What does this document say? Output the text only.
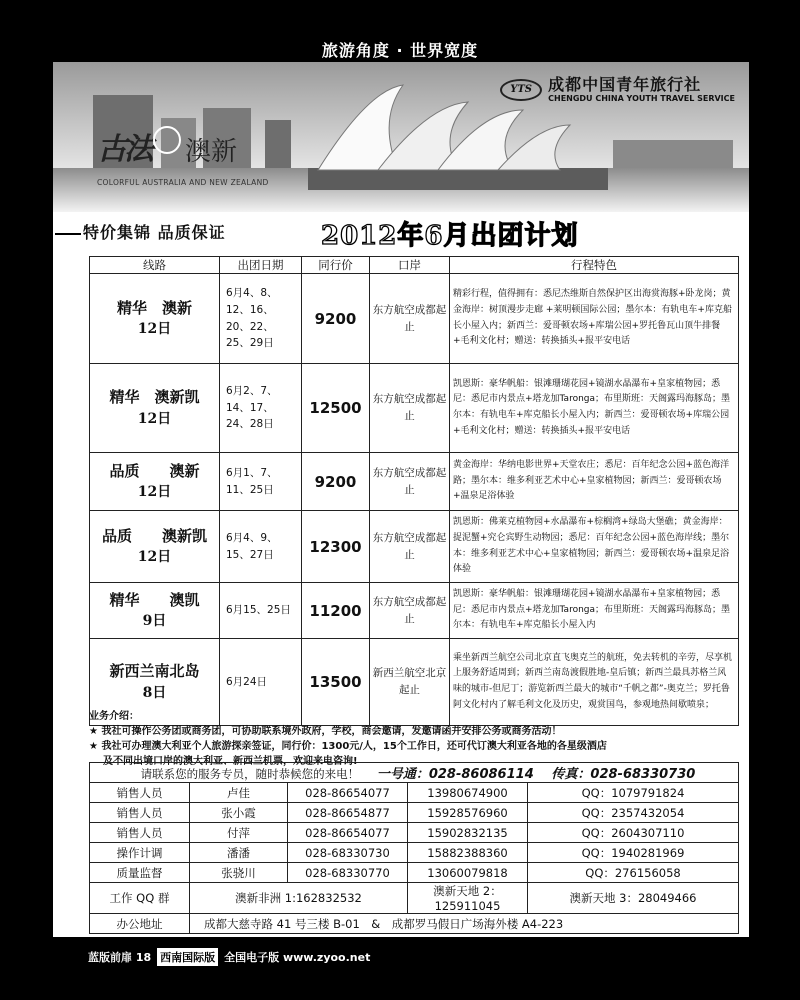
旅游角度 · 世界宽度
YTS	成都中国青年旅行社
CHENGDU CHINA YOUTH TRAVEL SERVICE
古法 澳新
COLORFUL AUSTRALIA AND NEW ZEALAND
特价集锦 品质保证	2012年6月出团计划
线路	出团日期	同行价	口岸	行程特色
精华　澳新
12日	6月4、8、12、16、20、22、25、29日	9200	东方航空成都起止	精彩行程，值得拥有：悉尼杰维斯自然保护区出海赏海豚+卧龙岗；黄金海岸：树顶漫步走廊 +莱明顿国际公园；墨尔本：有轨电车+库克船长小屋入内；新西兰：爱哥顿农场+库瑞公园+罗托鲁瓦山顶牛排餐+毛利文化村；赠送：转换插头+报平安电话
精华　澳新凯
12日	6月2、7、14、17、24、28日	12500	东方航空成都起止	凯恩斯：豪华帆船：银滩珊瑚花园+镜湖水晶瀑布+皇家植物园；悉尼：悉尼市内景点+塔龙加Taronga；布里斯班：天阁露玛海豚岛；墨尔本：有轨电车+库克船长小屋入内；新西兰：爱哥顿农场+库瑞公园+毛利文化村；赠送：转换插头+报平安电话
品质　　澳新
12日	6月1、7、11、25日	9200	东方航空成都起止	黄金海岸：华纳电影世界+天堂农庄；悉尼：百年纪念公园+蓝色海洋路；墨尔本：维多利亚艺术中心+皇家植物园；新西兰：爱哥顿农场+温泉足浴体验
品质　　澳新凯
12日	6月4、9、15、27日	12300	东方航空成都起止	凯恩斯：佛莱克植物园+水晶瀑布+棕榈湾+绿岛大堡礁；黄金海岸：捉泥蟹+究仑宾野生动物园；悉尼：百年纪念公园+蓝色海岸线；墨尔本：维多利亚艺术中心+皇家植物园；新西兰：爱哥顿农场+温泉足浴体验
精华　　澳凯
9日	6月15、25日	11200	东方航空成都起止	凯恩斯：豪华帆船：银滩珊瑚花园+镜湖水晶瀑布+皇家植物园；悉尼：悉尼市内景点+塔龙加Taronga；布里斯班：天阁露玛海豚岛；墨尔本：有轨电车+库克船长小屋入内
新西兰南北岛
8日	6月24日	13500	新西兰航空北京起止	乘坐新西兰航空公司北京直飞奥克兰的航班，免去转机的辛劳，尽享机上服务舒适周到；新西兰南岛渡假胜地-皇后镇；新西兰最具苏格兰风味的城市-但尼丁；游览新西兰最大的城市“千帆之都”-奥克兰；罗托鲁阿文化村内了解毛利文化及历史，观赏国鸟，参观地热间歇喷泉；
业务介绍：
★ 我社可操作公务团或商务团，可协助联系境外政府，学校，商会邀请，发邀请函并安排公务或商务活动！
★ 我社可办理澳大利亚个人旅游探亲签证，同行价：1300元/人，15个工作日，还可代订澳大利亚各地的各星级酒店
及不同出境口岸的澳大利亚、新西兰机票，欢迎来电咨询!
请联系您的服务专员，随时恭候您的来电！ 一号通：028-86086114 传真：028-68330730				
销售人员	卢佳	028-86654077	13980674900	QQ：1079791824
销售人员	张小霞	028-86654877	15928576960	QQ：2357432054
销售人员	付萍	028-86654077	15902832135	QQ：2604307110
操作计调	潘潘	028-68330730	15882388360	QQ：1940281969
质量监督	张骁川	028-68330770	13060079818	QQ：276156058
工作 QQ 群	澳新非洲 1:162832532		澳新天地 2：125911045	澳新天地 3：28049466
办公地址	成都大慈寺路 41 号三楼 B-01　&　成都罗马假日广场海外楼 A4-223			
蓝版前扉 18 西南国际版 全国电子版 www.zyoo.net
